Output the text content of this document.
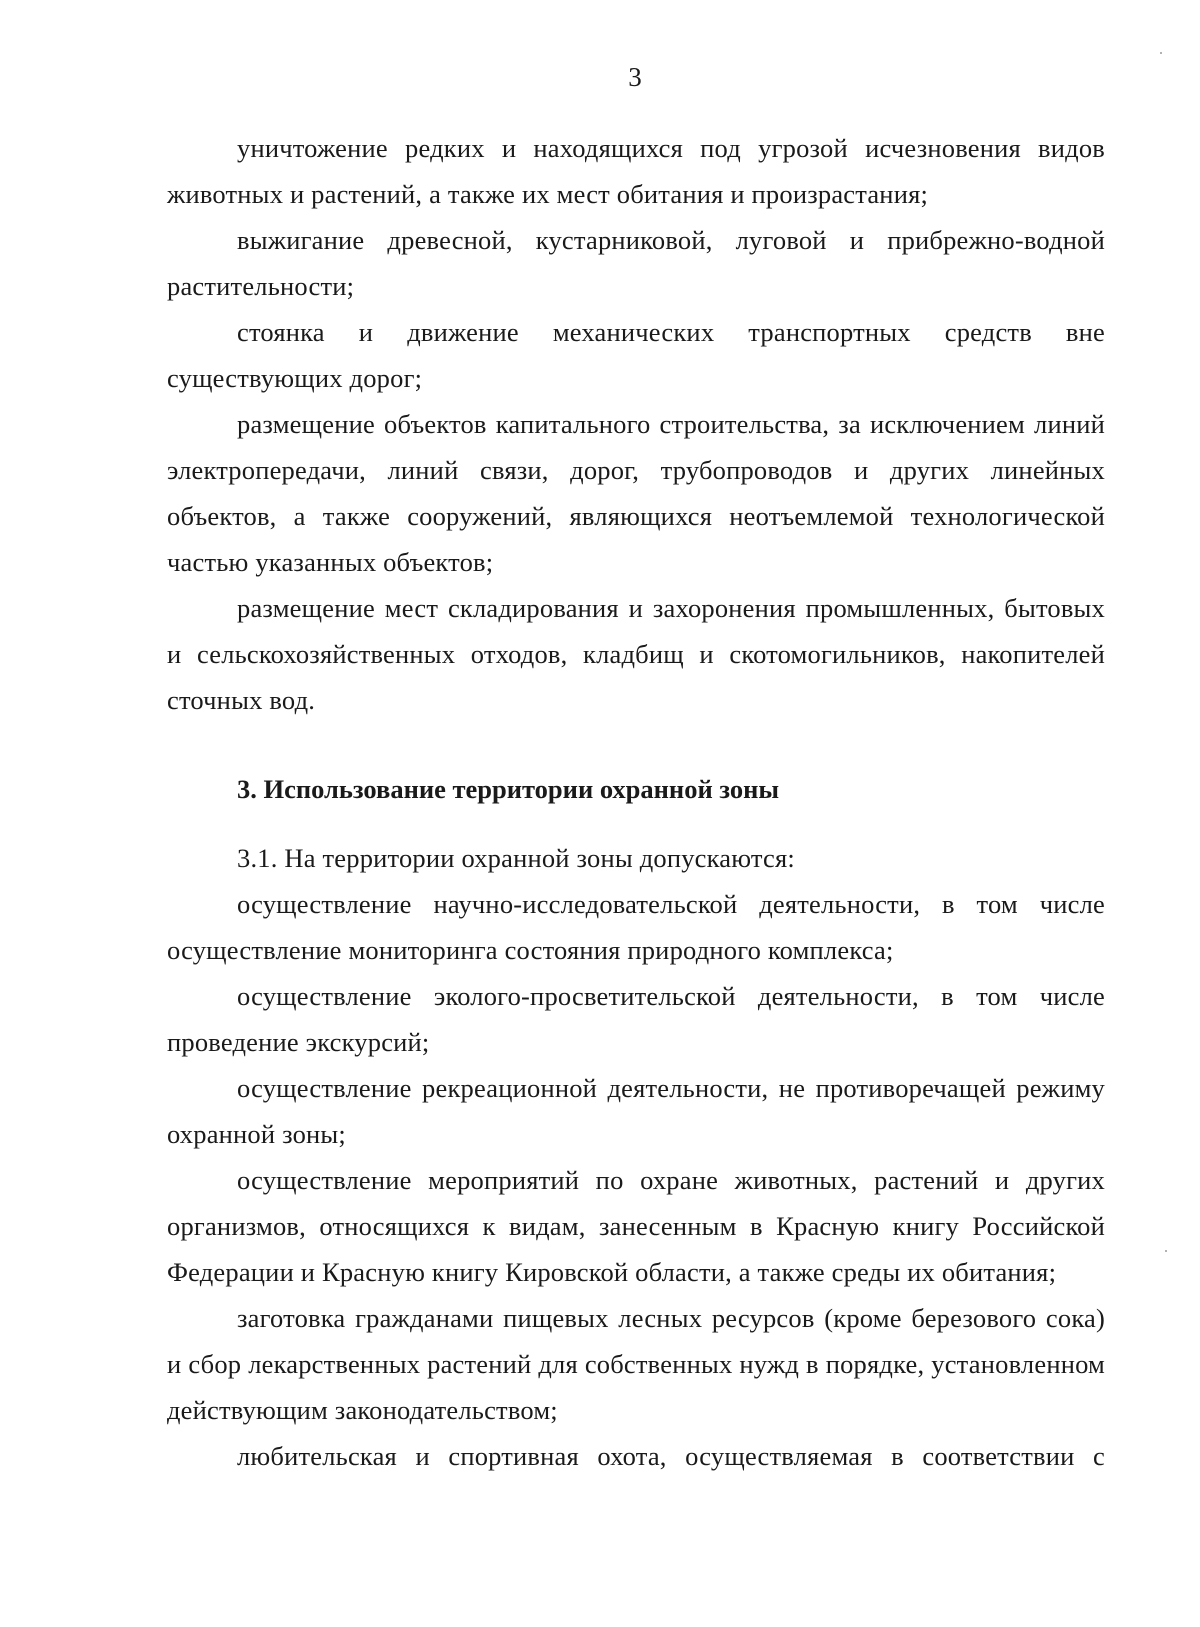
3

уничтожение редких и находящихся под угрозой исчезновения видов животных и растений, а также их мест обитания и произрастания;

выжигание древесной, кустарниковой, луговой и прибрежно-водной растительности;

стоянка и движение механических транспортных средств вне существующих дорог;

размещение объектов капитального строительства, за исключением линий электропередачи, линий связи, дорог, трубопроводов и других линейных объектов, а также сооружений, являющихся неотъемлемой технологической частью указанных объектов;

размещение мест складирования и захоронения промышленных, бытовых и сельскохозяйственных отходов, кладбищ и скотомогильников, накопителей сточных вод.

3. Использование территории охранной зоны

3.1. На территории охранной зоны допускаются:

осуществление научно-исследовательской деятельности, в том числе осуществление мониторинга состояния природного комплекса;

осуществление эколого-просветительской деятельности, в том числе проведение экскурсий;

осуществление рекреационной деятельности, не противоречащей режиму охранной зоны;

осуществление мероприятий по охране животных, растений и других организмов, относящихся к видам, занесенным в Красную книгу Российской Федерации и Красную книгу Кировской области, а также среды их обитания;

заготовка гражданами пищевых лесных ресурсов (кроме березового сока) и сбор лекарственных растений для собственных нужд в порядке, установленном действующим законодательством;

любительская и спортивная охота, осуществляемая в соответствии с
